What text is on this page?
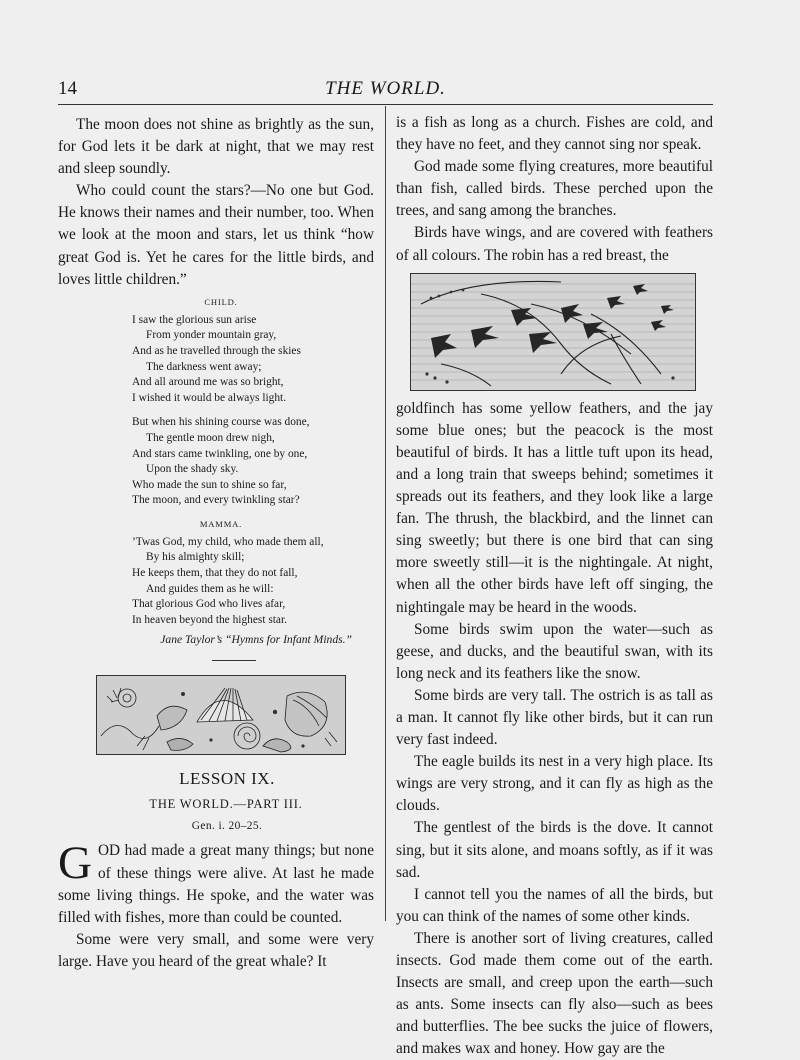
14	THE WORLD.

The moon does not shine as brightly as the sun, for God lets it be dark at night, that we may rest and sleep soundly.

Who could count the stars?—No one but God. He knows their names and their number, too. When we look at the moon and stars, let us think “how great God is. Yet he cares for the little birds, and loves little children.”

CHILD.
I saw the glorious sun arise
From yonder mountain gray,
And as he travelled through the skies
The darkness went away;
And all around me was so bright,
I wished it would be always light.
But when his shining course was done,
The gentle moon drew nigh,
And stars came twinkling, one by one,
Upon the shady sky.
Who made the sun to shine so far,
The moon, and every twinkling star?
MAMMA.
’Twas God, my child, who made them all,
By his almighty skill;
He keeps them, that they do not fall,
And guides them as he will:
That glorious God who lives afar,
In heaven beyond the highest star.
Jane Taylor’s “Hymns for Infant Minds.”
LESSON IX.
THE WORLD.—PART III.
Gen. i. 20–25.

GOD had made a great many things; but none of these things were alive. At last he made some living things. He spoke, and the water was filled with fishes, more than could be counted.

Some were very small, and some were very large. Have you heard of the great whale? It

is a fish as long as a church. Fishes are cold, and they have no feet, and they cannot sing nor speak.

God made some flying creatures, more beautiful than fish, called birds. These perched upon the trees, and sang among the branches.

Birds have wings, and are covered with feathers of all colours. The robin has a red breast, the

goldfinch has some yellow feathers, and the jay some blue ones; but the peacock is the most beautiful of birds. It has a little tuft upon its head, and a long train that sweeps behind; sometimes it spreads out its feathers, and they look like a large fan. The thrush, the blackbird, and the linnet can sing sweetly; but there is one bird that can sing more sweetly still—it is the nightingale. At night, when all the other birds have left off singing, the nightingale may be heard in the woods.

Some birds swim upon the water—such as geese, and ducks, and the beautiful swan, with its long neck and its feathers like the snow.

Some birds are very tall. The ostrich is as tall as a man. It cannot fly like other birds, but it can run very fast indeed.

The eagle builds its nest in a very high place. Its wings are very strong, and it can fly as high as the clouds.

The gentlest of the birds is the dove. It cannot sing, but it sits alone, and moans softly, as if it was sad.

I cannot tell you the names of all the birds, but you can think of the names of some other kinds.

There is another sort of living creatures, called insects. God made them come out of the earth. Insects are small, and creep upon the earth—such as ants. Some insects can fly also—such as bees and butterflies. The bee sucks the juice of flowers, and makes wax and honey. How gay are the
